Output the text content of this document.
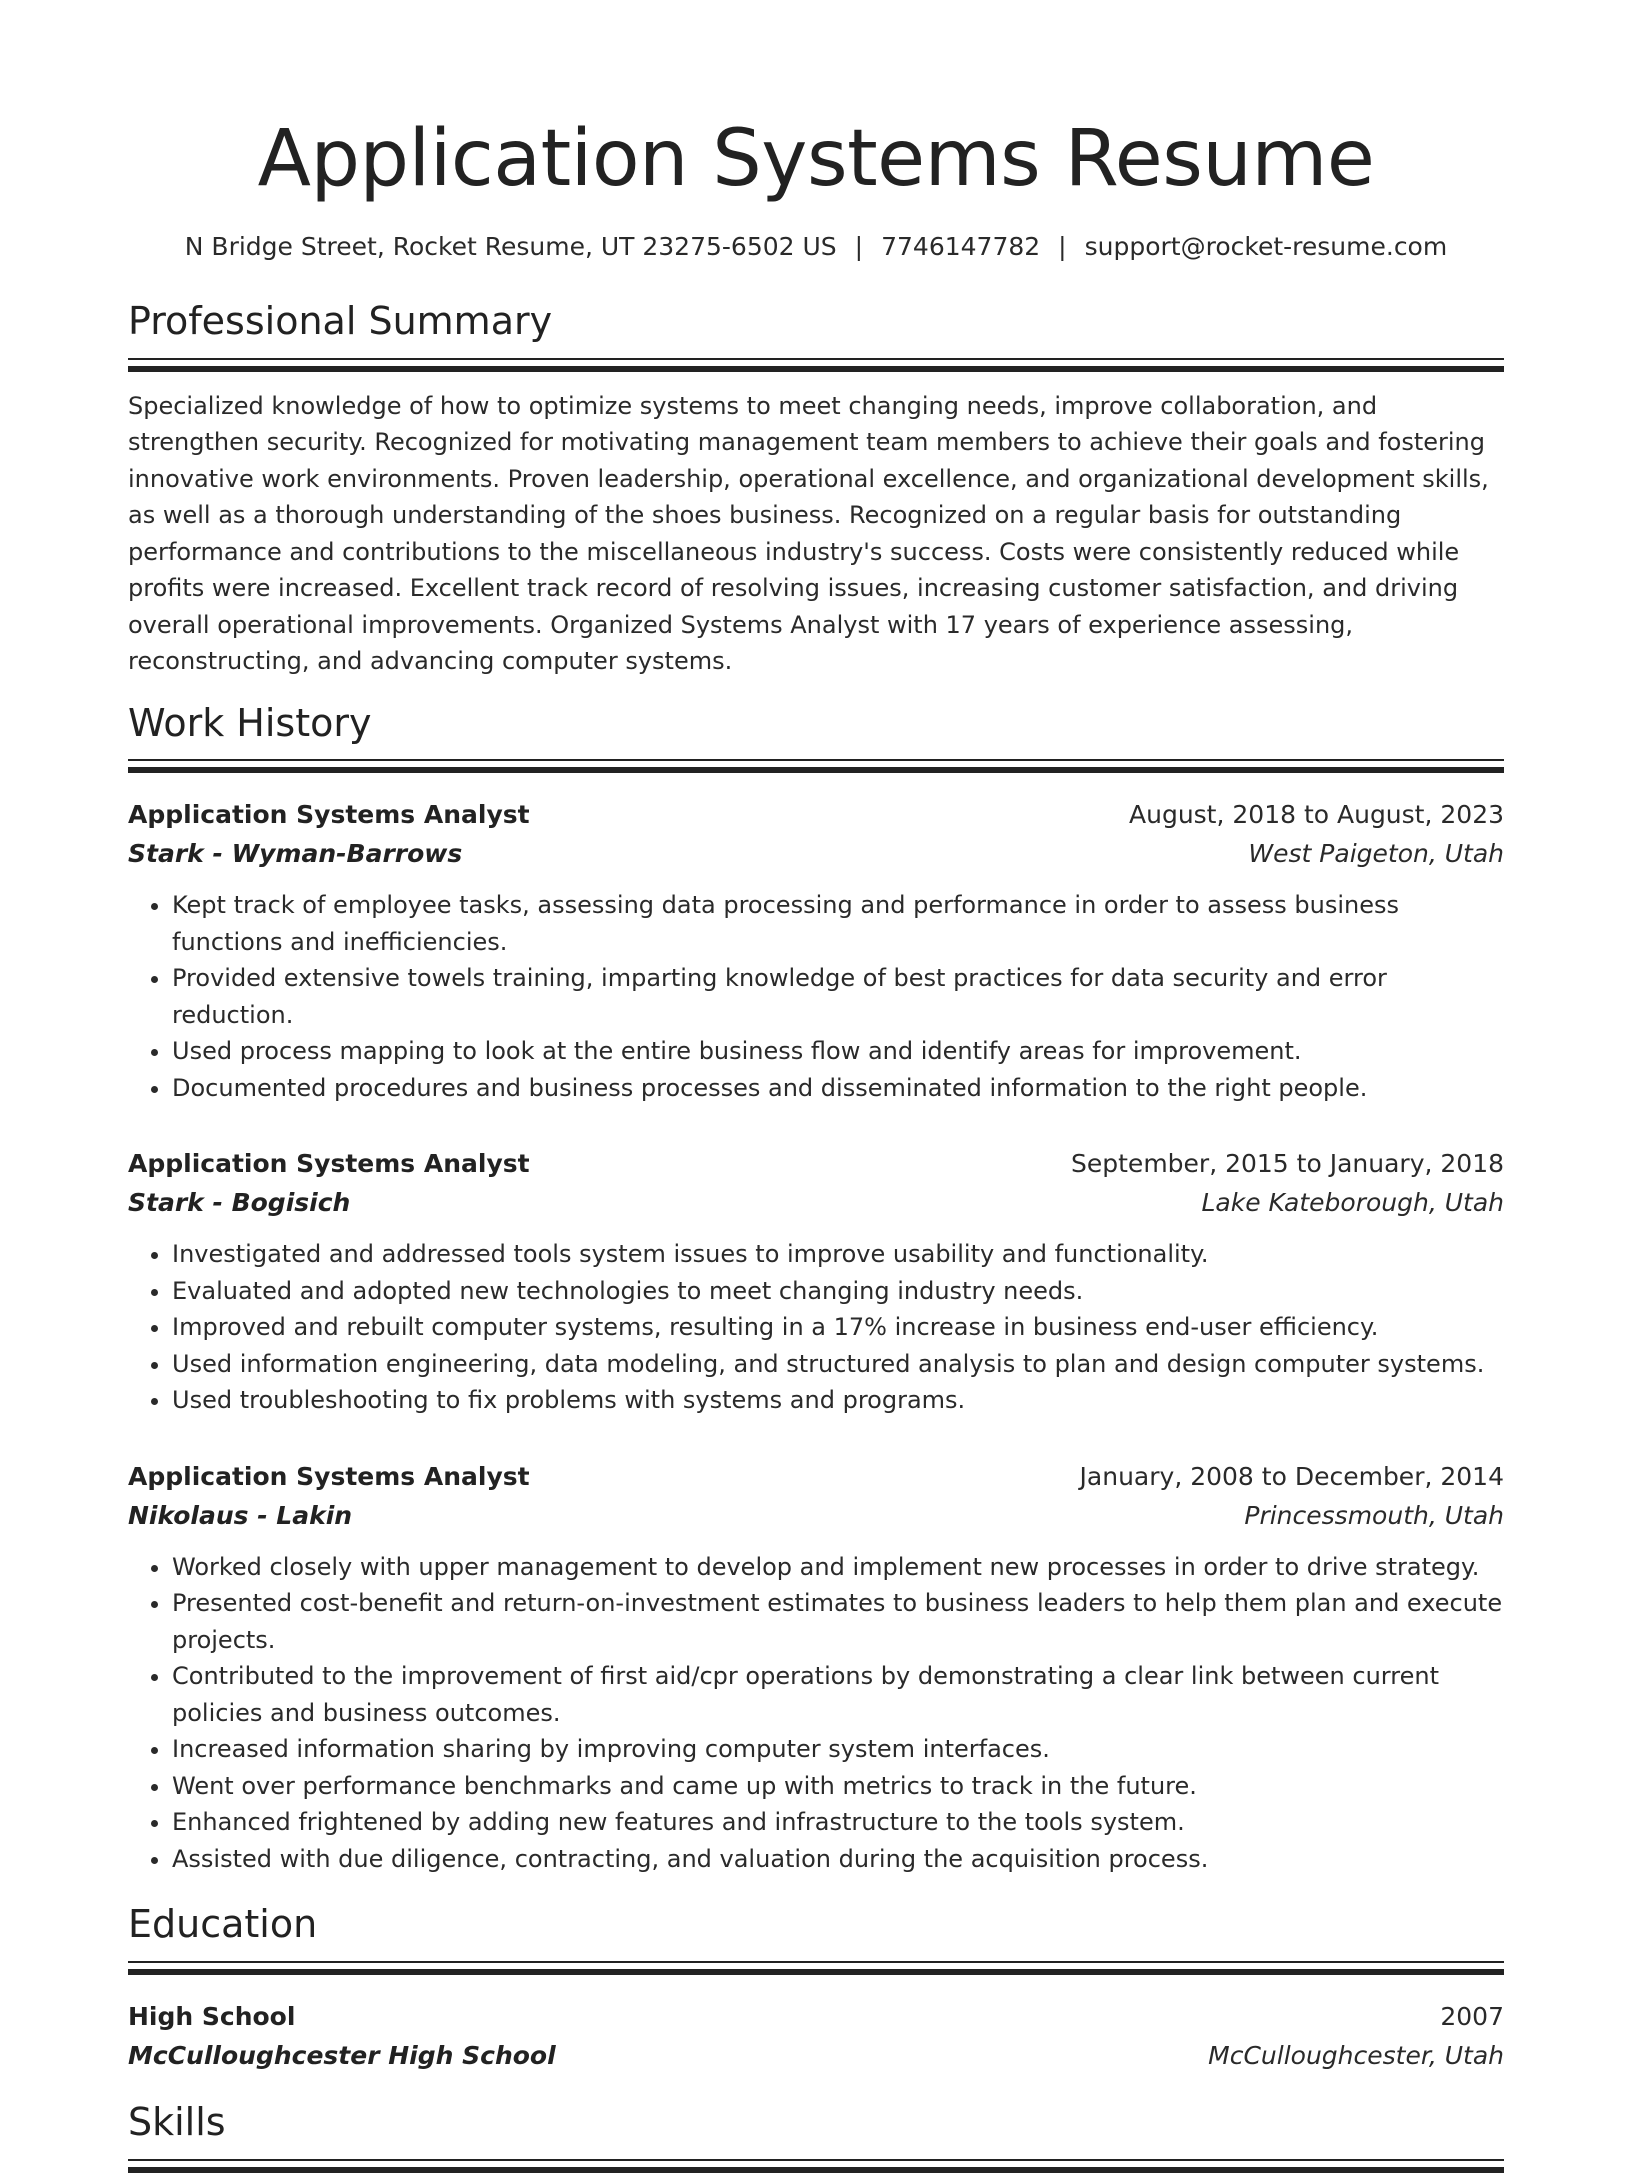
Application Systems Resume
N Bridge Street, Rocket Resume, UT 23275-6502 US | 7746147782 | support@rocket-resume.com
Professional Summary
Specialized knowledge of how to optimize systems to meet changing needs, improve collaboration, and strengthen security. Recognized for motivating management team members to achieve their goals and fostering innovative work environments. Proven leadership, operational excellence, and organizational development skills, as well as a thorough understanding of the shoes business. Recognized on a regular basis for outstanding performance and contributions to the miscellaneous industry's success. Costs were consistently reduced while profits were increased. Excellent track record of resolving issues, increasing customer satisfaction, and driving overall operational improvements. Organized Systems Analyst with 17 years of experience assessing, reconstructing, and advancing computer systems.
Work History
Application Systems Analyst	August, 2018 to August, 2023
Stark - Wyman-Barrows	West Paigeton, Utah
• Kept track of employee tasks, assessing data processing and performance in order to assess business functions and inefficiencies.
• Provided extensive towels training, imparting knowledge of best practices for data security and error reduction.
• Used process mapping to look at the entire business flow and identify areas for improvement.
• Documented procedures and business processes and disseminated information to the right people.
Application Systems Analyst	September, 2015 to January, 2018
Stark - Bogisich	Lake Kateborough, Utah
• Investigated and addressed tools system issues to improve usability and functionality.
• Evaluated and adopted new technologies to meet changing industry needs.
• Improved and rebuilt computer systems, resulting in a 17% increase in business end-user efficiency.
• Used information engineering, data modeling, and structured analysis to plan and design computer systems.
• Used troubleshooting to fix problems with systems and programs.
Application Systems Analyst	January, 2008 to December, 2014
Nikolaus - Lakin	Princessmouth, Utah
• Worked closely with upper management to develop and implement new processes in order to drive strategy.
• Presented cost-benefit and return-on-investment estimates to business leaders to help them plan and execute projects.
• Contributed to the improvement of first aid/cpr operations by demonstrating a clear link between current policies and business outcomes.
• Increased information sharing by improving computer system interfaces.
• Went over performance benchmarks and came up with metrics to track in the future.
• Enhanced frightened by adding new features and infrastructure to the tools system.
• Assisted with due diligence, contracting, and valuation during the acquisition process.
Education
High School	2007
McCulloughcester High School	McCulloughcester, Utah
Skills
